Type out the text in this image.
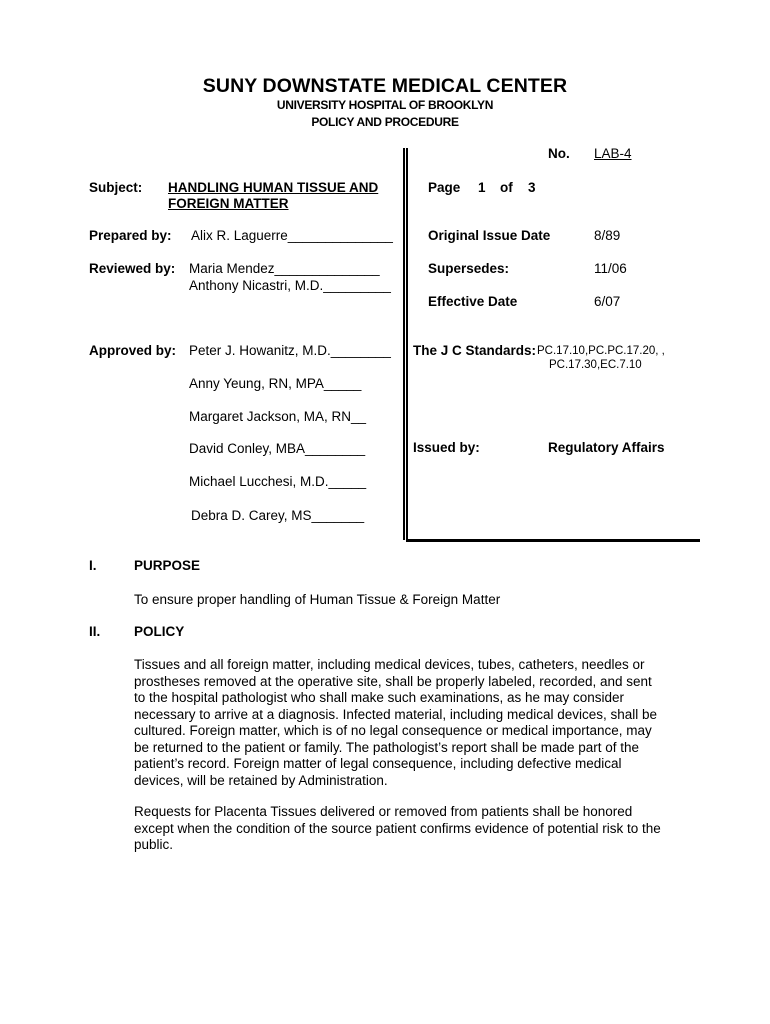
SUNY DOWNSTATE MEDICAL CENTER
UNIVERSITY HOSPITAL OF BROOKLYN
POLICY AND PROCEDURE
No. LAB-4
Subject: HANDLING HUMAN TISSUE AND
FOREIGN MATTER
Page 1 of 3
Prepared by: Alix R. Laguerre______________	Original Issue Date	8/89
Reviewed by: Maria Mendez______________
Anthony Nicastri, M.D._________
Supersedes:	11/06
Effective Date	6/07
Approved by: Peter J. Howanitz, M.D.________
Anny Yeung, RN, MPA_____
Margaret Jackson, MA, RN__
David Conley, MBA________
Michael Lucchesi, M.D._____
Debra D. Carey, MS_______
The J C Standards: PC.17.10,PC.PC.17.20, ,
PC.17.30,EC.7.10
Issued by:	Regulatory Affairs
I.	PURPOSE
To ensure proper handling of Human Tissue & Foreign Matter
II. POLICY
Tissues and all foreign matter, including medical devices, tubes, catheters, needles or
prostheses removed at the operative site, shall be properly labeled, recorded, and sent
to the hospital pathologist who shall make such examinations, as he may consider
necessary to arrive at a diagnosis. Infected material, including medical devices, shall be
cultured. Foreign matter, which is of no legal consequence or medical importance, may
be returned to the patient or family. The pathologist’s report shall be made part of the
patient’s record. Foreign matter of legal consequence, including defective medical
devices, will be retained by Administration.
Requests for Placenta Tissues delivered or removed from patients shall be honored
except when the condition of the source patient confirms evidence of potential risk to the
public.
